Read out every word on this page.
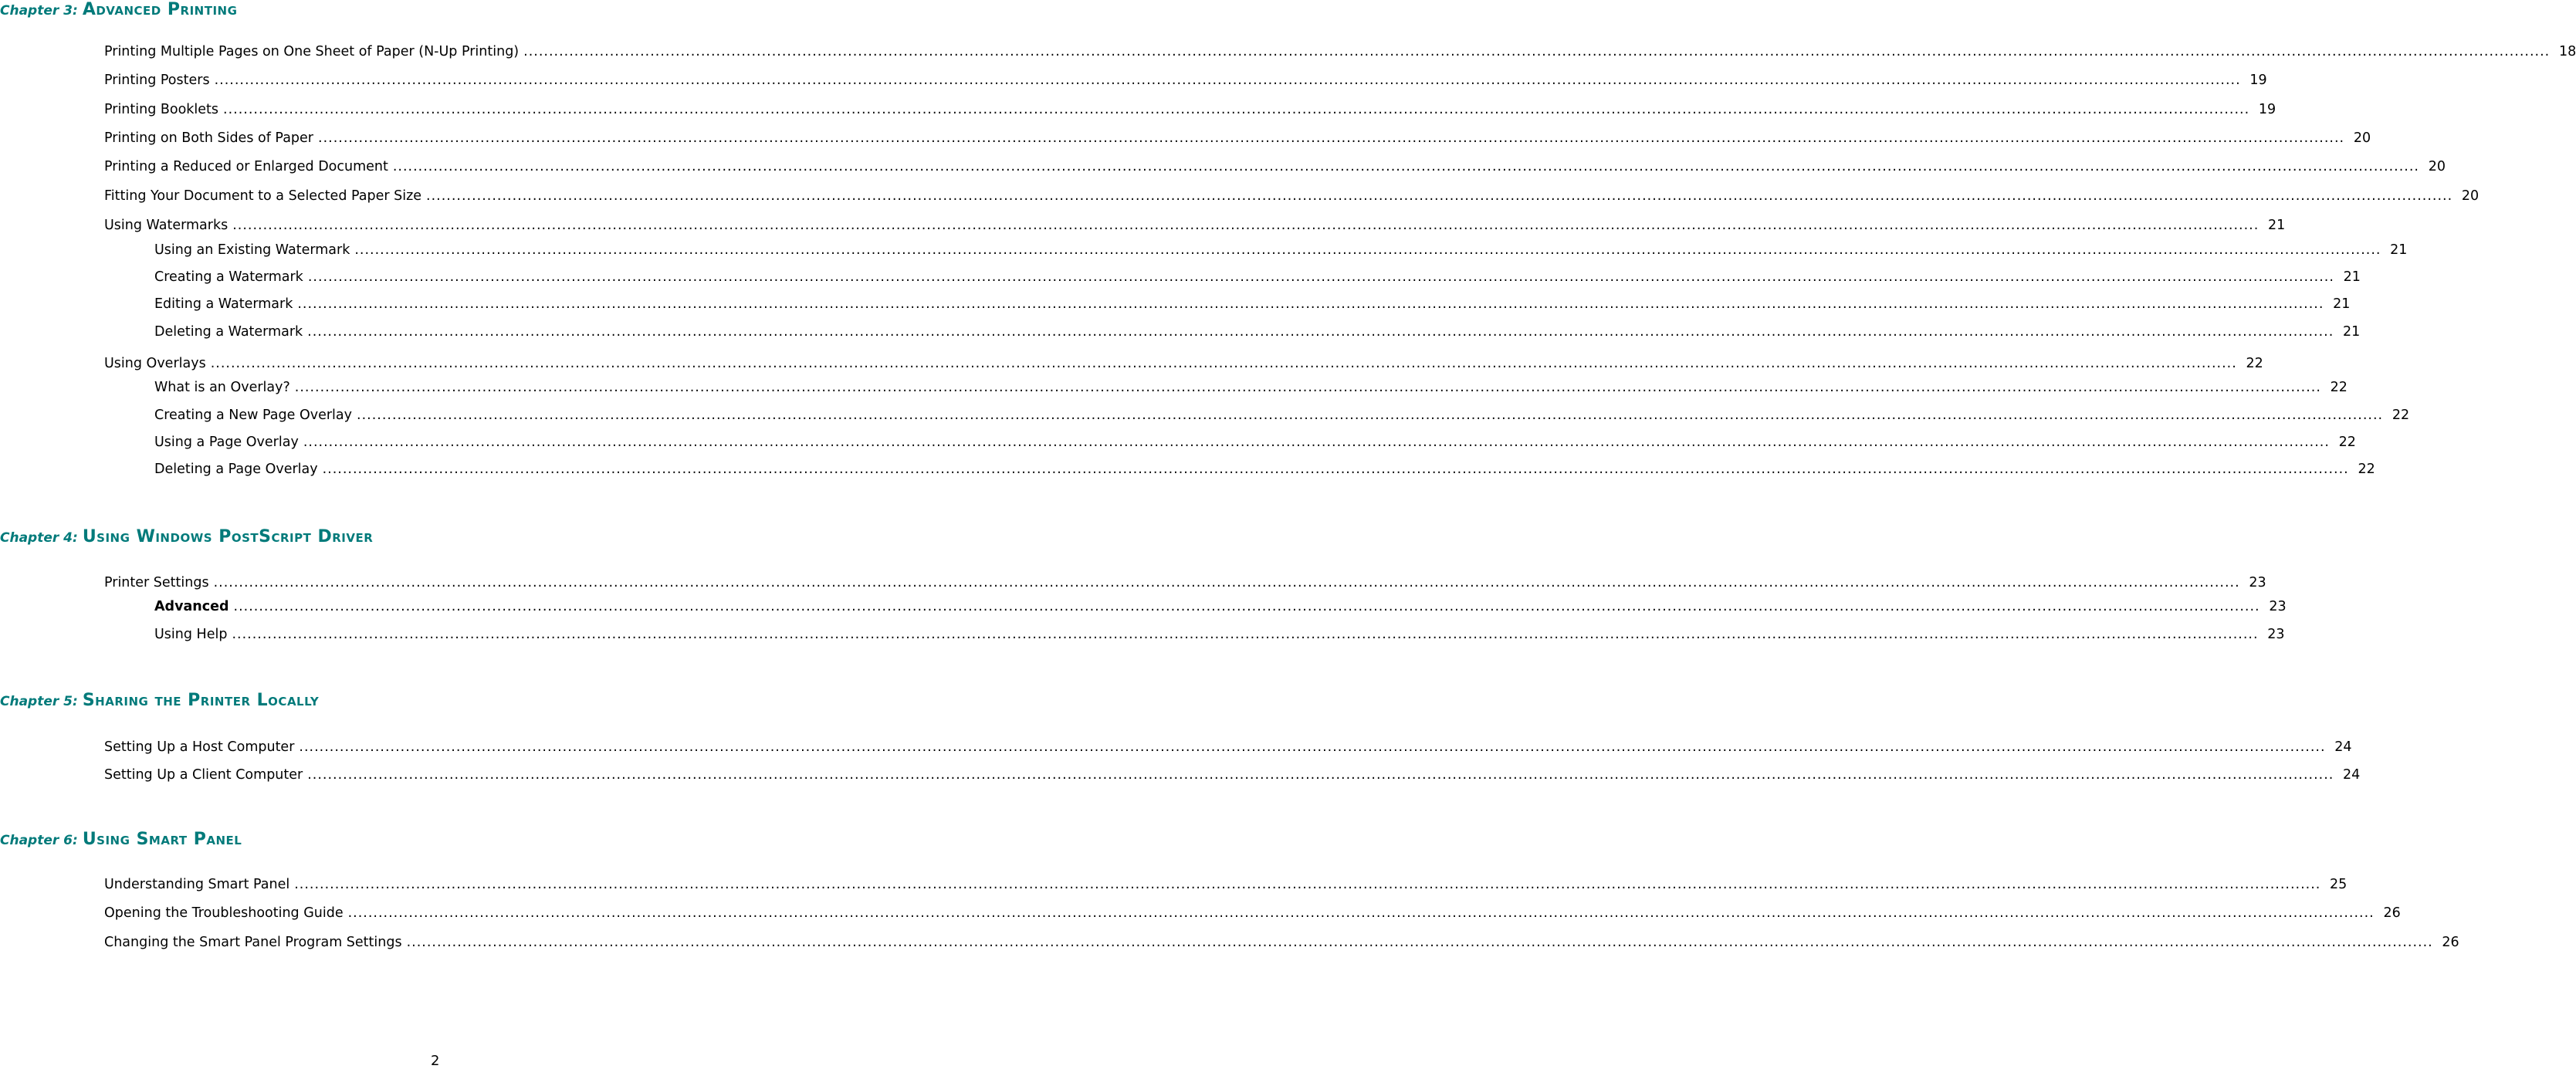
Chapter 3: Advanced Printing
Printing Multiple Pages on One Sheet of Paper (N-Up Printing) ................................................................................................................................................................................................................................................................................................................................................................................................................ 18
Printing Posters ................................................................................................................................................................................................................................................................................................................................................................................................................ 19
Printing Booklets ................................................................................................................................................................................................................................................................................................................................................................................................................ 19
Printing on Both Sides of Paper ................................................................................................................................................................................................................................................................................................................................................................................................................ 20
Printing a Reduced or Enlarged Document ................................................................................................................................................................................................................................................................................................................................................................................................................ 20
Fitting Your Document to a Selected Paper Size ................................................................................................................................................................................................................................................................................................................................................................................................................ 20
Using Watermarks ................................................................................................................................................................................................................................................................................................................................................................................................................ 21
Using an Existing Watermark ................................................................................................................................................................................................................................................................................................................................................................................................................ 21
Creating a Watermark ................................................................................................................................................................................................................................................................................................................................................................................................................ 21
Editing a Watermark ................................................................................................................................................................................................................................................................................................................................................................................................................ 21
Deleting a Watermark ................................................................................................................................................................................................................................................................................................................................................................................................................ 21
Using Overlays ................................................................................................................................................................................................................................................................................................................................................................................................................ 22
What is an Overlay? ................................................................................................................................................................................................................................................................................................................................................................................................................ 22
Creating a New Page Overlay ................................................................................................................................................................................................................................................................................................................................................................................................................ 22
Using a Page Overlay ................................................................................................................................................................................................................................................................................................................................................................................................................ 22
Deleting a Page Overlay ................................................................................................................................................................................................................................................................................................................................................................................................................ 22
Chapter 4: Using Windows PostScript Driver
Printer Settings ................................................................................................................................................................................................................................................................................................................................................................................................................ 23
Advanced ................................................................................................................................................................................................................................................................................................................................................................................................................ 23
Using Help ................................................................................................................................................................................................................................................................................................................................................................................................................ 23
Chapter 5: Sharing the Printer Locally
Setting Up a Host Computer ................................................................................................................................................................................................................................................................................................................................................................................................................ 24
Setting Up a Client Computer ................................................................................................................................................................................................................................................................................................................................................................................................................ 24
Chapter 6: Using Smart Panel
Understanding Smart Panel ................................................................................................................................................................................................................................................................................................................................................................................................................ 25
Opening the Troubleshooting Guide ................................................................................................................................................................................................................................................................................................................................................................................................................ 26
Changing the Smart Panel Program Settings ................................................................................................................................................................................................................................................................................................................................................................................................................ 26
2
